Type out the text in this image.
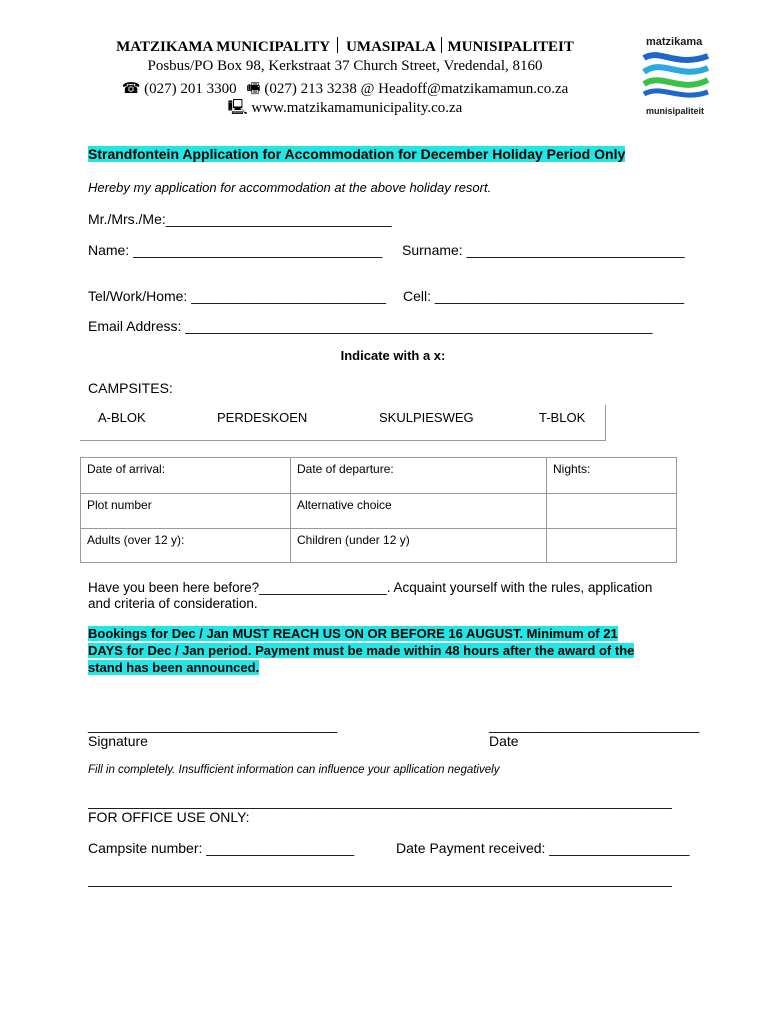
MATZIKAMA MUNICIPALITY UMASIPALA MUNISIPALITEIT
Posbus/PO Box 98, Kerkstraat 37 Church Street, Vredendal, 8160
☎ (027) 201 3300 🖷 (027) 213 3238 @ Headoff@matzikamamun.co.za
🖳 www.matzikamamunicipality.co.za
matzikama
munisipaliteit
Strandfontein Application for Accommodation for December Holiday Period Only
Hereby my application for accommodation at the above holiday resort.
Mr./Mrs./Me:_____________________________
Name: ________________________________ Surname: ____________________________
Tel/Work/Home: _________________________ Cell: ________________________________
Email Address: ____________________________________________________________
Indicate with a x:
CAMPSITES:
A-BLOK	PERDESKOEN	SKULPIESWEG	T-BLOK
Date of arrival:	Date of departure:	Nights:
Plot number	Alternative choice
Adults (over 12 y):	Children (under 12 y)
Have you been here before?_________________. Acquaint yourself with the rules, application
and criteria of consideration.
Bookings for Dec / Jan MUST REACH US ON OR BEFORE 16 AUGUST. Minimum of 21
DAYS for Dec / Jan period. Payment must be made within 48 hours after the award of the
stand has been announced.
________________________________
Signature
___________________________
Date
Fill in completely. Insufficient information can influence your apllication negatively
___________________________________________________________________________
FOR OFFICE USE ONLY:
Campsite number: ___________________	Date Payment received: __________________
___________________________________________________________________________
